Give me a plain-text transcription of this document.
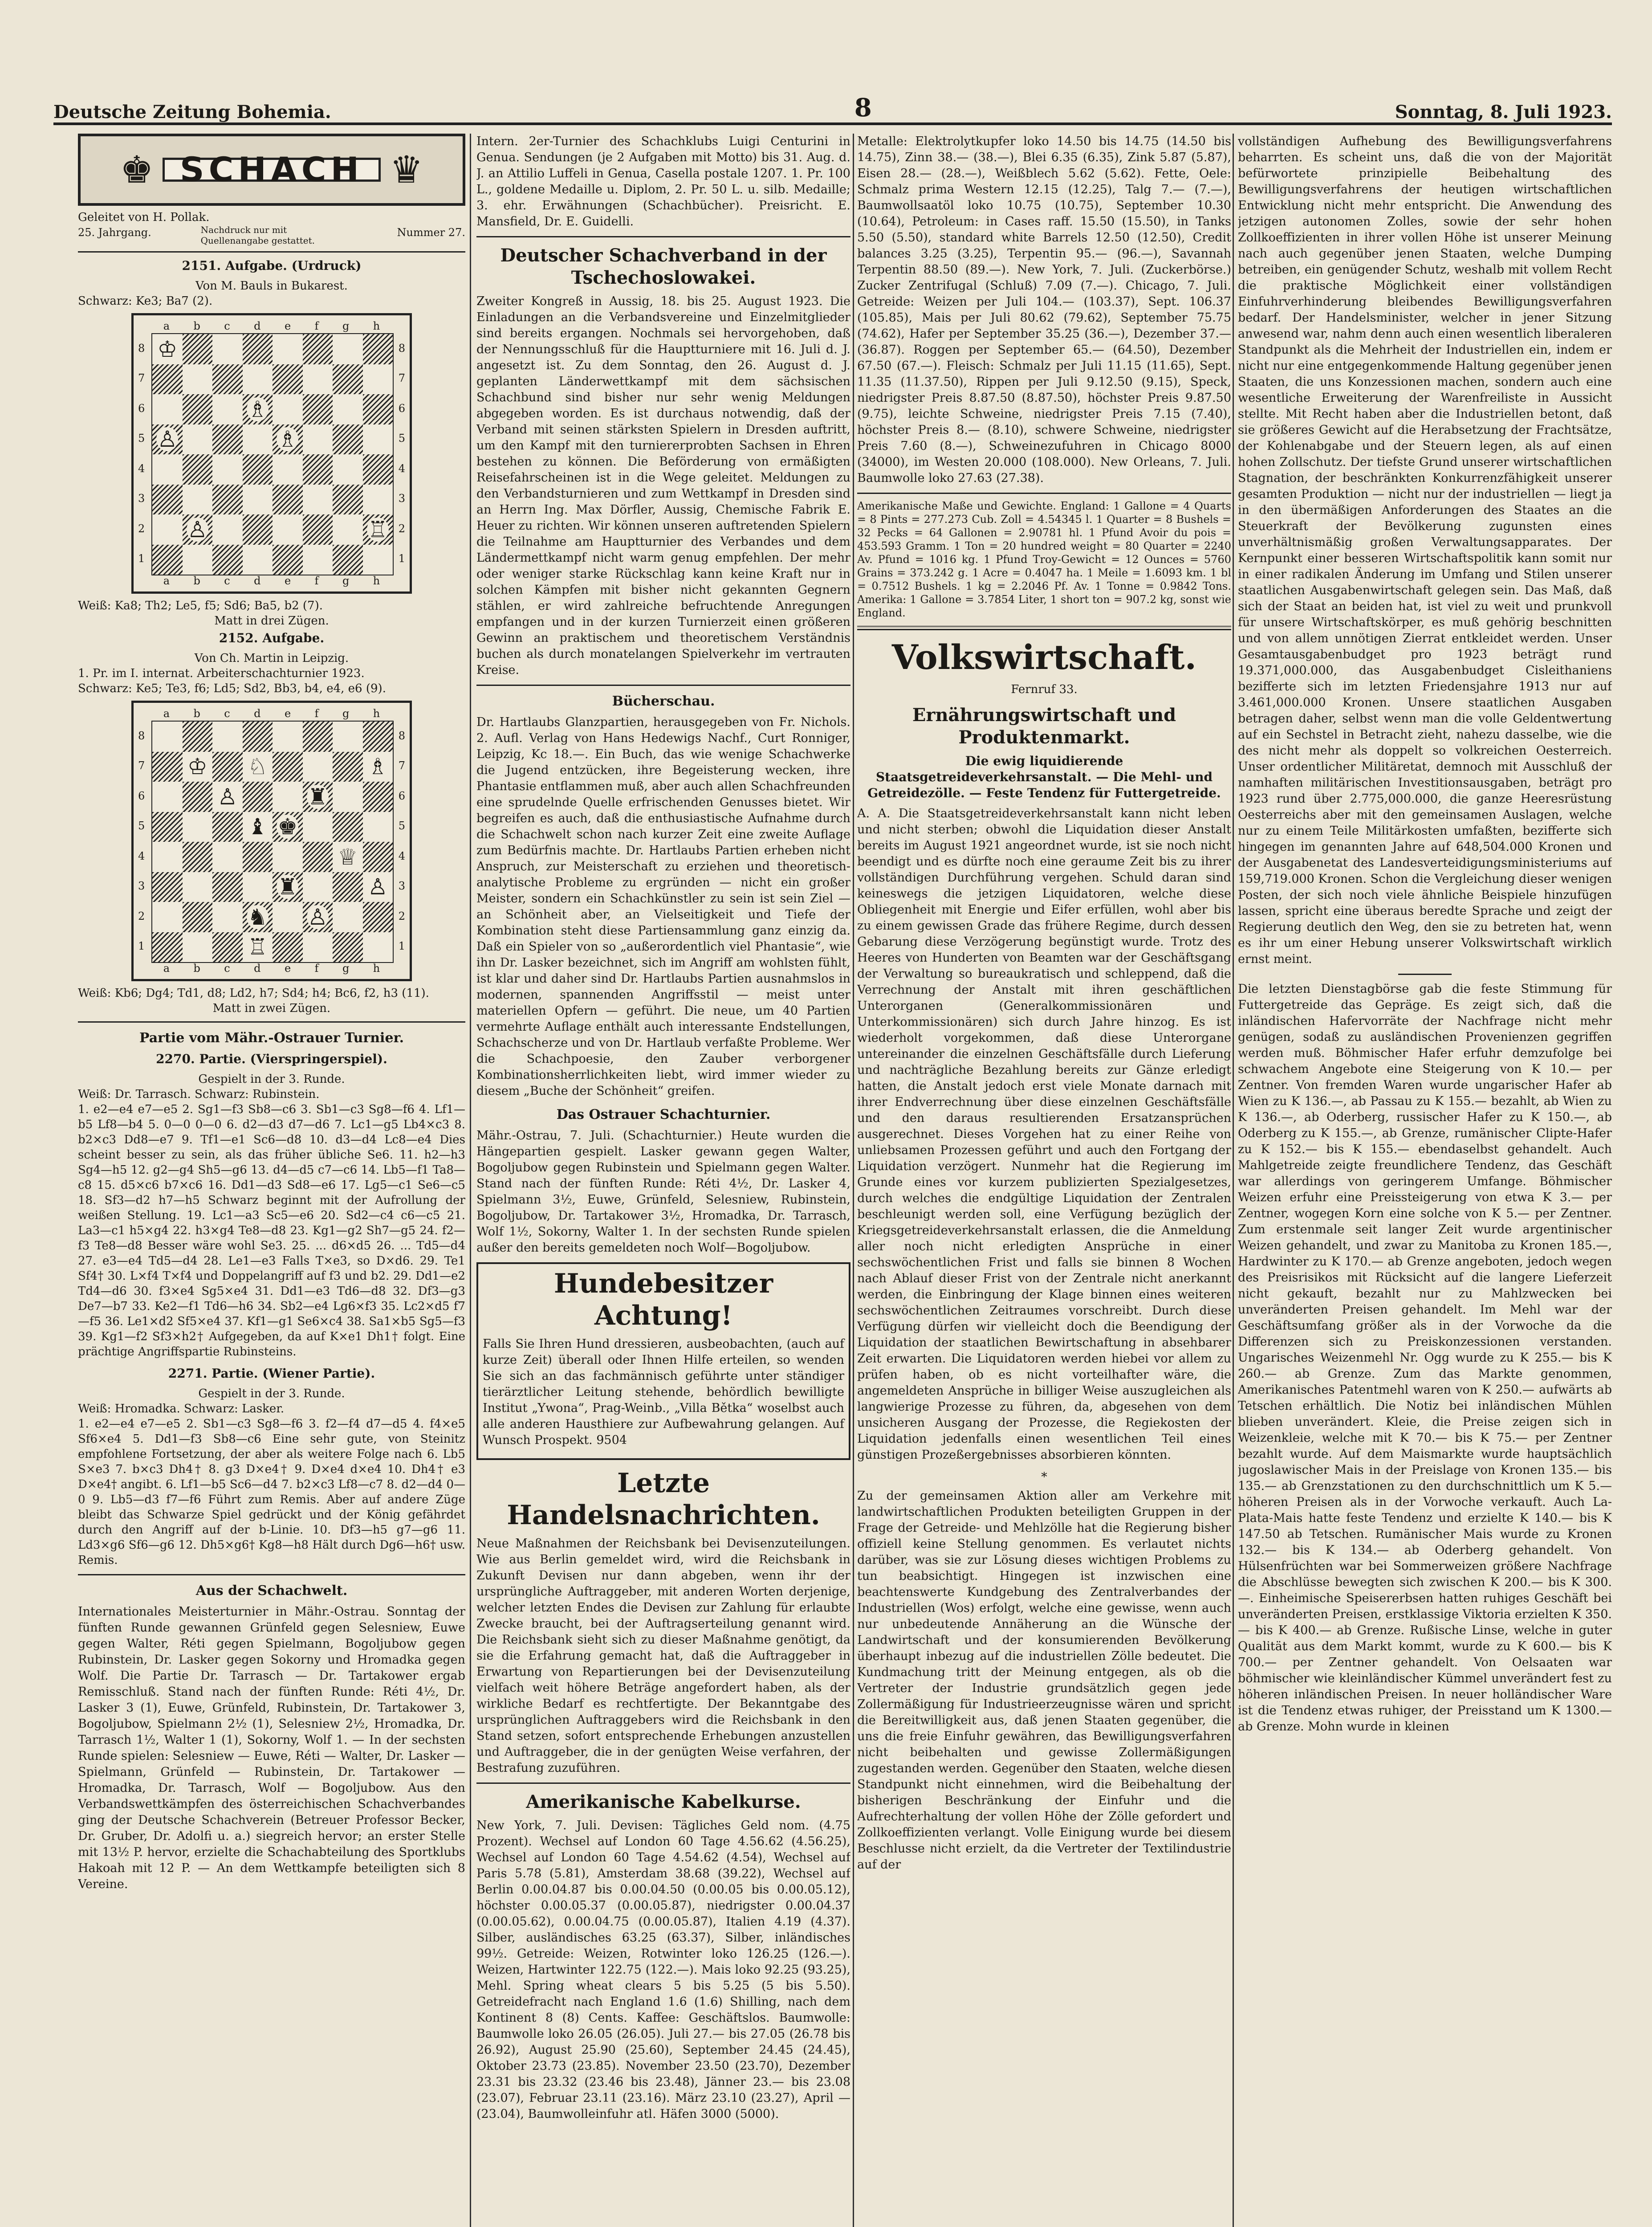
Deutsche Zeitung Bohemia.	8	Sonntag, 8. Juli 1923.
♚ SCHACH ♛
Geleitet von H. Pollak.
25. Jahrgang.	Nachdruck nur mit Quellenangabe gestattet.
Nummer 27.
2151. Aufgabe. (Urdruck)
Von M. Bauls in Bukarest.
Schwarz: Ke3; Ba7 (2).
a b c d e f g h
a b c d e f g h
8
7
6
5
4
3
2
1
8
7
6
5
4
3
2
1
♔
♗
♙	♗
♙	♖
Weiß: Ka8; Th2; Le5, f5; Sd6; Ba5, b2 (7).
Matt in drei Zügen.
2152. Aufgabe.
Von Ch. Martin in Leipzig.
1. Pr. im I. internat. Arbeiterschachturnier 1923.
Schwarz: Ke5; Te3, f6; Ld5; Sd2, Bb3, b4, e4, e6 (9).
a b c d e f g h
a b c d e f g h
8
7
6
5
4
3
2
1
8
7
6
5
4
3
2
1
♔ ♘	♗
♙	♜
♝ ♚
♕
♜	♙
♞ ♙
♖
Weiß: Kb6; Dg4; Td1, d8; Ld2, h7; Sd4; h4; Bc6, f2, h3 (11).
Matt in zwei Zügen.
Partie vom Mähr.-Ostrauer Turnier.
2270. Partie. (Vierspringerspiel).
Gespielt in der 3. Runde.
Weiß: Dr. Tarrasch. Schwarz: Rubinstein.

1. e2—e4 e7—e5 2. Sg1—f3 Sb8—c6 3. Sb1—c3 Sg8—f6 4. Lf1—b5 Lf8—b4 5. 0—0 0—0 6. d2—d3 d7—d6 7. Lc1—g5 Lb4×c3 8. b2×c3 Dd8—e7 9. Tf1—e1 Sc6—d8 10. d3—d4 Lc8—e4 Dies scheint besser zu sein, als das früher übliche Se6. 11. h2—h3 Sg4—h5 12. g2—g4 Sh5—g6 13. d4—d5 c7—c6 14. Lb5—f1 Ta8—c8 15. d5×c6 b7×c6 16. Dd1—d3 Sd8—e6 17. Lg5—c1 Se6—c5 18. Sf3—d2 h7—h5 Schwarz beginnt mit der Aufrollung der weißen Stellung. 19. Lc1—a3 Sc5—e6 20. Sd2—c4 c6—c5 21. La3—c1 h5×g4 22. h3×g4 Te8—d8 23. Kg1—g2 Sh7—g5 24. f2—f3 Te8—d8 Besser wäre wohl Se3. 25. ... d6×d5 26. ... Td5—d4 27. e3—e4 Td5—d4 28. Le1—e3 Falls T×e3, so D×d6. 29. Te1 Sf4† 30. L×f4 T×f4 und Doppelangriff auf f3 und b2. 29. Dd1—e2 Td4—d6 30. f3×e4 Sg5×e4 31. Dd1—e3 Td6—d8 32. Df3—g3 De7—b7 33. Ke2—f1 Td6—h6 34. Sb2—e4 Lg6×f3 35. Lc2×d5 f7—f5 36. Le1×d2 Sf5×e4 37. Kf1—g1 Se6×c4 38. Sa1×b5 Sg5—f3 39. Kg1—f2 Sf3×h2† Aufgegeben, da auf K×e1 Dh1† folgt. Eine prächtige Angriffspartie Rubinsteins.

2271. Partie. (Wiener Partie).
Gespielt in der 3. Runde.
Weiß: Hromadka. Schwarz: Lasker.

1. e2—e4 e7—e5 2. Sb1—c3 Sg8—f6 3. f2—f4 d7—d5 4. f4×e5 Sf6×e4 5. Dd1—f3 Sb8—c6 Eine sehr gute, von Steinitz empfohlene Fortsetzung, der aber als weitere Folge nach 6. Lb5 S×e3 7. b×c3 Dh4† 8. g3 D×e4† 9. D×e4 d×e4 10. Dh4† e3 D×e4† angibt. 6. Lf1—b5 Sc6—d4 7. b2×c3 Lf8—c7 8. d2—d4 0—0 9. Lb5—d3 f7—f6 Führt zum Remis. Aber auf andere Züge bleibt das Schwarze Spiel gedrückt und der König gefährdet durch den Angriff auf der b-Linie. 10. Df3—h5 g7—g6 11. Ld3×g6 Sf6—g6 12. Dh5×g6† Kg8—h8 Hält durch Dg6—h6† usw. Remis.

Aus der Schachwelt.

Internationales Meisterturnier in Mähr.-Ostrau. Sonntag der fünften Runde gewannen Grünfeld gegen Selesniew, Euwe gegen Walter, Réti gegen Spielmann, Bogoljubow gegen Rubinstein, Dr. Lasker gegen Sokorny und Hromadka gegen Wolf. Die Partie Dr. Tarrasch — Dr. Tartakower ergab Remisschluß. Stand nach der fünften Runde: Réti 4½, Dr. Lasker 3 (1), Euwe, Grünfeld, Rubinstein, Dr. Tartakower 3, Bogoljubow, Spielmann 2½ (1), Selesniew 2½, Hromadka, Dr. Tarrasch 1½, Walter 1 (1), Sokorny, Wolf 1. — In der sechsten Runde spielen: Selesniew — Euwe, Réti — Walter, Dr. Lasker — Spielmann, Grünfeld — Rubinstein, Dr. Tartakower — Hromadka, Dr. Tarrasch, Wolf — Bogoljubow. Aus den Verbandswettkämpfen des österreichischen Schachverbandes ging der Deutsche Schachverein (Betreuer Professor Becker, Dr. Gruber, Dr. Adolfi u. a.) siegreich hervor; an erster Stelle mit 13½ P. hervor, erzielte die Schachabteilung des Sportklubs Hakoah mit 12 P. — An dem Wettkampfe beteiligten sich 8 Vereine.

Intern. 2er-Turnier des Schachklubs Luigi Centurini in Genua. Sendungen (je 2 Aufgaben mit Motto) bis 31. Aug. d. J. an Attilio Luffeli in Genua, Casella postale 1207. 1. Pr. 100 L., goldene Medaille u. Diplom, 2. Pr. 50 L. u. silb. Medaille; 3. ehr. Erwähnungen (Schachbücher). Preisricht. E. Mansfield, Dr. E. Guidelli.

Deutscher Schachverband in der Tschechoslowakei.

Zweiter Kongreß in Aussig, 18. bis 25. August 1923. Die Einladungen an die Verbandsvereine und Einzelmitglieder sind bereits ergangen. Nochmals sei hervorgehoben, daß der Nennungsschluß für die Hauptturniere mit 16. Juli d. J. angesetzt ist. Zu dem Sonntag, den 26. August d. J. geplanten Länderwettkampf mit dem sächsischen Schachbund sind bisher nur sehr wenig Meldungen abgegeben worden. Es ist durchaus notwendig, daß der Verband mit seinen stärksten Spielern in Dresden auftritt, um den Kampf mit den turniererprobten Sachsen in Ehren bestehen zu können. Die Beförderung von ermäßigten Reisefahrscheinen ist in die Wege geleitet. Meldungen zu den Verbandsturnieren und zum Wettkampf in Dresden sind an Herrn Ing. Max Dörfler, Aussig, Chemische Fabrik E. Heuer zu richten. Wir können unseren auftretenden Spielern die Teilnahme am Hauptturnier des Verbandes und dem Ländermettkampf nicht warm genug empfehlen. Der mehr oder weniger starke Rückschlag kann keine Kraft nur in solchen Kämpfen mit bisher nicht gekannten Gegnern stählen, er wird zahlreiche befruchtende Anregungen empfangen und in der kurzen Turnierzeit einen größeren Gewinn an praktischem und theoretischem Verständnis buchen als durch monatelangen Spielverkehr im vertrauten Kreise.

Bücherschau.

Dr. Hartlaubs Glanzpartien, herausgegeben von Fr. Nichols. 2. Aufl. Verlag von Hans Hedewigs Nachf., Curt Ronniger, Leipzig, Kc 18.—. Ein Buch, das wie wenige Schachwerke die Jugend entzücken, ihre Begeisterung wecken, ihre Phantasie entflammen muß, aber auch allen Schachfreunden eine sprudelnde Quelle erfrischenden Genusses bietet. Wir begreifen es auch, daß die enthusiastische Aufnahme durch die Schachwelt schon nach kurzer Zeit eine zweite Auflage zum Bedürfnis machte. Dr. Hartlaubs Partien erheben nicht Anspruch, zur Meisterschaft zu erziehen und theoretisch-analytische Probleme zu ergründen — nicht ein großer Meister, sondern ein Schachkünstler zu sein ist sein Ziel — an Schönheit aber, an Vielseitigkeit und Tiefe der Kombination steht diese Partiensammlung ganz einzig da. Daß ein Spieler von so „außerordentlich viel Phantasie“, wie ihn Dr. Lasker bezeichnet, sich im Angriff am wohlsten fühlt, ist klar und daher sind Dr. Hartlaubs Partien ausnahmslos in modernen, spannenden Angriffsstil — meist unter materiellen Opfern — geführt. Die neue, um 40 Partien vermehrte Auflage enthält auch interessante Endstellungen, Schachscherze und von Dr. Hartlaub verfaßte Probleme. Wer die Schachpoesie, den Zauber verborgener Kombinationsherrlichkeiten liebt, wird immer wieder zu diesem „Buche der Schönheit“ greifen.

Das Ostrauer Schachturnier.

Mähr.-Ostrau, 7. Juli. (Schachturnier.) Heute wurden die Hängepartien gespielt. Lasker gewann gegen Walter, Bogoljubow gegen Rubinstein und Spielmann gegen Walter. Stand nach der fünften Runde: Réti 4½, Dr. Lasker 4, Spielmann 3½, Euwe, Grünfeld, Selesniew, Rubinstein, Bogoljubow, Dr. Tartakower 3½, Hromadka, Dr. Tarrasch, Wolf 1½, Sokorny, Walter 1. In der sechsten Runde spielen außer den bereits gemeldeten noch Wolf—Bogoljubow.

Hundebesitzer Achtung!

Falls Sie Ihren Hund dressieren, ausbeobachten, (auch auf kurze Zeit) überall oder Ihnen Hilfe erteilen, so wenden Sie sich an das fachmännisch geführte unter ständiger tierärztlicher Leitung stehende, behördlich bewilligte Institut „Ywona“, Prag-Weinb., „Villa Bětka“ woselbst auch alle anderen Hausthiere zur Aufbewahrung gelangen. Auf Wunsch Prospekt. 9504

Letzte Handelsnachrichten.

Neue Maßnahmen der Reichsbank bei Devisenzuteilungen. Wie aus Berlin gemeldet wird, wird die Reichsbank in Zukunft Devisen nur dann abgeben, wenn ihr der ursprüngliche Auftraggeber, mit anderen Worten derjenige, welcher letzten Endes die Devisen zur Zahlung für erlaubte Zwecke braucht, bei der Auftragserteilung genannt wird. Die Reichsbank sieht sich zu dieser Maßnahme genötigt, da sie die Erfahrung gemacht hat, daß die Auftraggeber in Erwartung von Repartierungen bei der Devisenzuteilung vielfach weit höhere Beträge angefordert haben, als der wirkliche Bedarf es rechtfertigte. Der Bekanntgabe des ursprünglichen Auftraggebers wird die Reichsbank in den Stand setzen, sofort entsprechende Erhebungen anzustellen und Auftraggeber, die in der genügten Weise verfahren, der Bestrafung zuzuführen.

Amerikanische Kabelkurse.

New York, 7. Juli. Devisen: Tägliches Geld nom. (4.75 Prozent). Wechsel auf London 60 Tage 4.56.62 (4.56.25), Wechsel auf London 60 Tage 4.54.62 (4.54), Wechsel auf Paris 5.78 (5.81), Amsterdam 38.68 (39.22), Wechsel auf Berlin 0.00.04.87 bis 0.00.04.50 (0.00.05 bis 0.00.05.12), höchster 0.00.05.37 (0.00.05.87), niedrigster 0.00.04.37 (0.00.05.62), 0.00.04.75 (0.00.05.87), Italien 4.19 (4.37). Silber, ausländisches 63.25 (63.37), Silber, inländisches 99½. Getreide: Weizen, Rotwinter loko 126.25 (126.—). Weizen, Hartwinter 122.75 (122.—). Mais loko 92.25 (93.25), Mehl. Spring wheat clears 5 bis 5.25 (5 bis 5.50). Getreidefracht nach England 1.6 (1.6) Shilling, nach dem Kontinent 8 (8) Cents. Kaffee: Geschäftslos. Baumwolle: Baumwolle loko 26.05 (26.05). Juli 27.— bis 27.05 (26.78 bis 26.92), August 25.90 (25.60), September 24.45 (24.45), Oktober 23.73 (23.85). November 23.50 (23.70), Dezember 23.31 bis 23.32 (23.46 bis 23.48), Jänner 23.— bis 23.08 (23.07), Februar 23.11 (23.16). März 23.10 (23.27), April — (23.04), Baumwolleinfuhr atl. Häfen 3000 (5000).

Metalle: Elektrolytkupfer loko 14.50 bis 14.75 (14.50 bis 14.75), Zinn 38.— (38.—), Blei 6.35 (6.35), Zink 5.87 (5.87), Eisen 28.— (28.—), Weißblech 5.62 (5.62). Fette, Oele: Schmalz prima Western 12.15 (12.25), Talg 7.— (7.—), Baumwollsaatöl loko 10.75 (10.75), September 10.30 (10.64), Petroleum: in Cases raff. 15.50 (15.50), in Tanks 5.50 (5.50), standard white Barrels 12.50 (12.50), Credit balances 3.25 (3.25), Terpentin 95.— (96.—), Savannah Terpentin 88.50 (89.—). New York, 7. Juli. (Zuckerbörse.) Zucker Zentrifugal (Schluß) 7.09 (7.—). Chicago, 7. Juli. Getreide: Weizen per Juli 104.— (103.37), Sept. 106.37 (105.85), Mais per Juli 80.62 (79.62), September 75.75 (74.62), Hafer per September 35.25 (36.—), Dezember 37.— (36.87). Roggen per September 65.— (64.50), Dezember 67.50 (67.—). Fleisch: Schmalz per Juli 11.15 (11.65), Sept. 11.35 (11.37.50), Rippen per Juli 9.12.50 (9.15), Speck, niedrigster Preis 8.87.50 (8.87.50), höchster Preis 9.87.50 (9.75), leichte Schweine, niedrigster Preis 7.15 (7.40), höchster Preis 8.— (8.10), schwere Schweine, niedrigster Preis 7.60 (8.—), Schweinezufuhren in Chicago 8000 (34000), im Westen 20.000 (108.000). New Orleans, 7. Juli. Baumwolle loko 27.63 (27.38).

Amerikanische Maße und Gewichte. England: 1 Gallone = 4 Quarts = 8 Pints = 277.273 Cub. Zoll = 4.54345 l. 1 Quarter = 8 Bushels = 32 Pecks = 64 Gallonen = 2.90781 hl. 1 Pfund Avoir du pois = 453.593 Gramm. 1 Ton = 20 hundred weight = 80 Quarter = 2240 Av. Pfund = 1016 kg. 1 Pfund Troy-Gewicht = 12 Ounces = 5760 Grains = 373.242 g. 1 Acre = 0.4047 ha. 1 Meile = 1.6093 km. 1 bl = 0.7512 Bushels. 1 kg = 2.2046 Pf. Av. 1 Tonne = 0.9842 Tons. Amerika: 1 Gallone = 3.7854 Liter, 1 short ton = 907.2 kg, sonst wie England.

Volkswirtschaft.
Fernruf 33.
Ernährungswirtschaft und Produktenmarkt.
Die ewig liquidierende Staatsgetreideverkehrsanstalt. — Die Mehl- und Getreidezölle. — Feste Tendenz für Futtergetreide.

A. A. Die Staatsgetreideverkehrsanstalt kann nicht leben und nicht sterben; obwohl die Liquidation dieser Anstalt bereits im August 1921 angeordnet wurde, ist sie noch nicht beendigt und es dürfte noch eine geraume Zeit bis zu ihrer vollständigen Durchführung vergehen. Schuld daran sind keineswegs die jetzigen Liquidatoren, welche diese Obliegenheit mit Energie und Eifer erfüllen, wohl aber bis zu einem gewissen Grade das frühere Regime, durch dessen Gebarung diese Verzögerung begünstigt wurde. Trotz des Heeres von Hunderten von Beamten war der Geschäftsgang der Verwaltung so bureaukratisch und schleppend, daß die Verrechnung der Anstalt mit ihren geschäftlichen Unterorganen (Generalkommissionären und Unterkommissionären) sich durch Jahre hinzog. Es ist wiederholt vorgekommen, daß diese Unterorgane untereinander die einzelnen Geschäftsfälle durch Lieferung und nachträgliche Bezahlung bereits zur Gänze erledigt hatten, die Anstalt jedoch erst viele Monate darnach mit ihrer Endverrechnung über diese einzelnen Geschäftsfälle und den daraus resultierenden Ersatzansprüchen ausgerechnet. Dieses Vorgehen hat zu einer Reihe von unliebsamen Prozessen geführt und auch den Fortgang der Liquidation verzögert. Nunmehr hat die Regierung im Grunde eines vor kurzem publizierten Spezialgesetzes, durch welches die endgültige Liquidation der Zentralen beschleunigt werden soll, eine Verfügung bezüglich der Kriegsgetreideverkehrsanstalt erlassen, die die Anmeldung aller noch nicht erledigten Ansprüche in einer sechswöchentlichen Frist und falls sie binnen 8 Wochen nach Ablauf dieser Frist von der Zentrale nicht anerkannt werden, die Einbringung der Klage binnen eines weiteren sechswöchentlichen Zeitraumes vorschreibt. Durch diese Verfügung dürfen wir vielleicht doch die Beendigung der Liquidation der staatlichen Bewirtschaftung in absehbarer Zeit erwarten. Die Liquidatoren werden hiebei vor allem zu prüfen haben, ob es nicht vorteilhafter wäre, die angemeldeten Ansprüche in billiger Weise auszugleichen als langwierige Prozesse zu führen, da, abgesehen von dem unsicheren Ausgang der Prozesse, die Regiekosten der Liquidation jedenfalls einen wesentlichen Teil eines günstigen Prozeßergebnisses absorbieren könnten.

*

Zu der gemeinsamen Aktion aller am Verkehre mit landwirtschaftlichen Produkten beteiligten Gruppen in der Frage der Getreide- und Mehlzölle hat die Regierung bisher offiziell keine Stellung genommen. Es verlautet nichts darüber, was sie zur Lösung dieses wichtigen Problems zu tun beabsichtigt. Hingegen ist inzwischen eine beachtenswerte Kundgebung des Zentralverbandes der Industriellen (Wos) erfolgt, welche eine gewisse, wenn auch nur unbedeutende Annäherung an die Wünsche der Landwirtschaft und der konsumierenden Bevölkerung überhaupt inbezug auf die industriellen Zölle bedeutet. Die Kundmachung tritt der Meinung entgegen, als ob die Vertreter der Industrie grundsätzlich gegen jede Zollermäßigung für Industrieerzeugnisse wären und spricht die Bereitwilligkeit aus, daß jenen Staaten gegenüber, die uns die freie Einfuhr gewähren, das Bewilligungsverfahren nicht beibehalten und gewisse Zollermäßigungen zugestanden werden. Gegenüber den Staaten, welche diesen Standpunkt nicht einnehmen, wird die Beibehaltung der bisherigen Beschränkung der Einfuhr und die Aufrechterhaltung der vollen Höhe der Zölle gefordert und Zollkoeffizienten verlangt. Volle Einigung wurde bei diesem Beschlusse nicht erzielt, da die Vertreter der Textilindustrie auf der

vollständigen Aufhebung des Bewilligungsverfahrens beharrten. Es scheint uns, daß die von der Majorität befürwortete prinzipielle Beibehaltung des Bewilligungsverfahrens der heutigen wirtschaftlichen Entwicklung nicht mehr entspricht. Die Anwendung des jetzigen autonomen Zolles, sowie der sehr hohen Zollkoeffizienten in ihrer vollen Höhe ist unserer Meinung nach auch gegenüber jenen Staaten, welche Dumping betreiben, ein genügender Schutz, weshalb mit vollem Recht die praktische Möglichkeit einer vollständigen Einfuhrverhinderung bleibendes Bewilligungsverfahren bedarf. Der Handelsminister, welcher in jener Sitzung anwesend war, nahm denn auch einen wesentlich liberaleren Standpunkt als die Mehrheit der Industriellen ein, indem er nicht nur eine entgegenkommende Haltung gegenüber jenen Staaten, die uns Konzessionen machen, sondern auch eine wesentliche Erweiterung der Warenfreiliste in Aussicht stellte. Mit Recht haben aber die Industriellen betont, daß sie größeres Gewicht auf die Herabsetzung der Frachtsätze, der Kohlenabgabe und der Steuern legen, als auf einen hohen Zollschutz. Der tiefste Grund unserer wirtschaftlichen Stagnation, der beschränkten Konkurrenzfähigkeit unserer gesamten Produktion — nicht nur der industriellen — liegt ja in den übermäßigen Anforderungen des Staates an die Steuerkraft der Bevölkerung zugunsten eines unverhältnismäßig großen Verwaltungsapparates. Der Kernpunkt einer besseren Wirtschaftspolitik kann somit nur in einer radikalen Änderung im Umfang und Stilen unserer staatlichen Ausgabenwirtschaft gelegen sein. Das Maß, daß sich der Staat an beiden hat, ist viel zu weit und prunkvoll für unsere Wirtschaftskörper, es muß gehörig beschnitten und von allem unnötigen Zierrat entkleidet werden. Unser Gesamtausgabenbudget pro 1923 beträgt rund 19.371,000.000, das Ausgabenbudget Cisleithaniens bezifferte sich im letzten Friedensjahre 1913 nur auf 3.461,000.000 Kronen. Unsere staatlichen Ausgaben betragen daher, selbst wenn man die volle Geldentwertung auf ein Sechstel in Betracht zieht, nahezu dasselbe, wie die des nicht mehr als doppelt so volkreichen Oesterreich. Unser ordentlicher Militäretat, demnoch mit Ausschluß der namhaften militärischen Investitionsausgaben, beträgt pro 1923 rund über 2.775,000.000, die ganze Heeresrüstung Oesterreichs aber mit den gemeinsamen Auslagen, welche nur zu einem Teile Militärkosten umfaßten, bezifferte sich hingegen im genannten Jahre auf 648,504.000 Kronen und der Ausgabenetat des Landesverteidigungsministeriums auf 159,719.000 Kronen. Schon die Vergleichung dieser wenigen Posten, der sich noch viele ähnliche Beispiele hinzufügen lassen, spricht eine überaus beredte Sprache und zeigt der Regierung deutlich den Weg, den sie zu betreten hat, wenn es ihr um einer Hebung unserer Volkswirtschaft wirklich ernst meint.

Die letzten Dienstagbörse gab die feste Stimmung für Futtergetreide das Gepräge. Es zeigt sich, daß die inländischen Hafervorräte der Nachfrage nicht mehr genügen, sodaß zu ausländischen Provenienzen gegriffen werden muß. Böhmischer Hafer erfuhr demzufolge bei schwachem Angebote eine Steigerung von K 10.— per Zentner. Von fremden Waren wurde ungarischer Hafer ab Wien zu K 136.—, ab Passau zu K 155.— bezahlt, ab Wien zu K 136.—, ab Oderberg, russischer Hafer zu K 150.—, ab Oderberg zu K 155.—, ab Grenze, rumänischer Clipte-Hafer zu K 152.— bis K 155.— ebendaselbst gehandelt. Auch Mahlgetreide zeigte freundlichere Tendenz, das Geschäft war allerdings von geringerem Umfange. Böhmischer Weizen erfuhr eine Preissteigerung von etwa K 3.— per Zentner, wogegen Korn eine solche von K 5.— per Zentner. Zum erstenmale seit langer Zeit wurde argentinischer Weizen gehandelt, und zwar zu Manitoba zu Kronen 185.—, Hardwinter zu K 170.— ab Grenze angeboten, jedoch wegen des Preisrisikos mit Rücksicht auf die langere Lieferzeit nicht gekauft, bezahlt nur zu Mahlzwecken bei unveränderten Preisen gehandelt. Im Mehl war der Geschäftsumfang größer als in der Vorwoche da die Differenzen sich zu Preiskonzessionen verstanden. Ungarisches Weizenmehl Nr. Ogg wurde zu K 255.— bis K 260.— ab Grenze. Zum das Markte genommen, Amerikanisches Patentmehl waren von K 250.— aufwärts ab Tetschen erhältlich. Die Notiz bei inländischen Mühlen blieben unverändert. Kleie, die Preise zeigen sich in Weizenkleie, welche mit K 70.— bis K 75.— per Zentner bezahlt wurde. Auf dem Maismarkte wurde hauptsächlich jugoslawischer Mais in der Preislage von Kronen 135.— bis 135.— ab Grenzstationen zu den durchschnittlich um K 5.— höheren Preisen als in der Vorwoche verkauft. Auch La-Plata-Mais hatte feste Tendenz und erzielte K 140.— bis K 147.50 ab Tetschen. Rumänischer Mais wurde zu Kronen 132.— bis K 134.— ab Oderberg gehandelt. Von Hülsenfrüchten war bei Sommerweizen größere Nachfrage die Abschlüsse bewegten sich zwischen K 200.— bis K 300.—. Einheimische Speisererbsen hatten ruhiges Geschäft bei unveränderten Preisen, erstklassige Viktoria erzielten K 350.— bis K 400.— ab Grenze. Rußische Linse, welche in guter Qualität aus dem Markt kommt, wurde zu K 600.— bis K 700.— per Zentner gehandelt. Von Oelsaaten war böhmischer wie kleinländischer Kümmel unverändert fest zu höheren inländischen Preisen. In neuer holländischer Ware ist die Tendenz etwas ruhiger, der Preisstand um K 1300.— ab Grenze. Mohn wurde in kleinen
